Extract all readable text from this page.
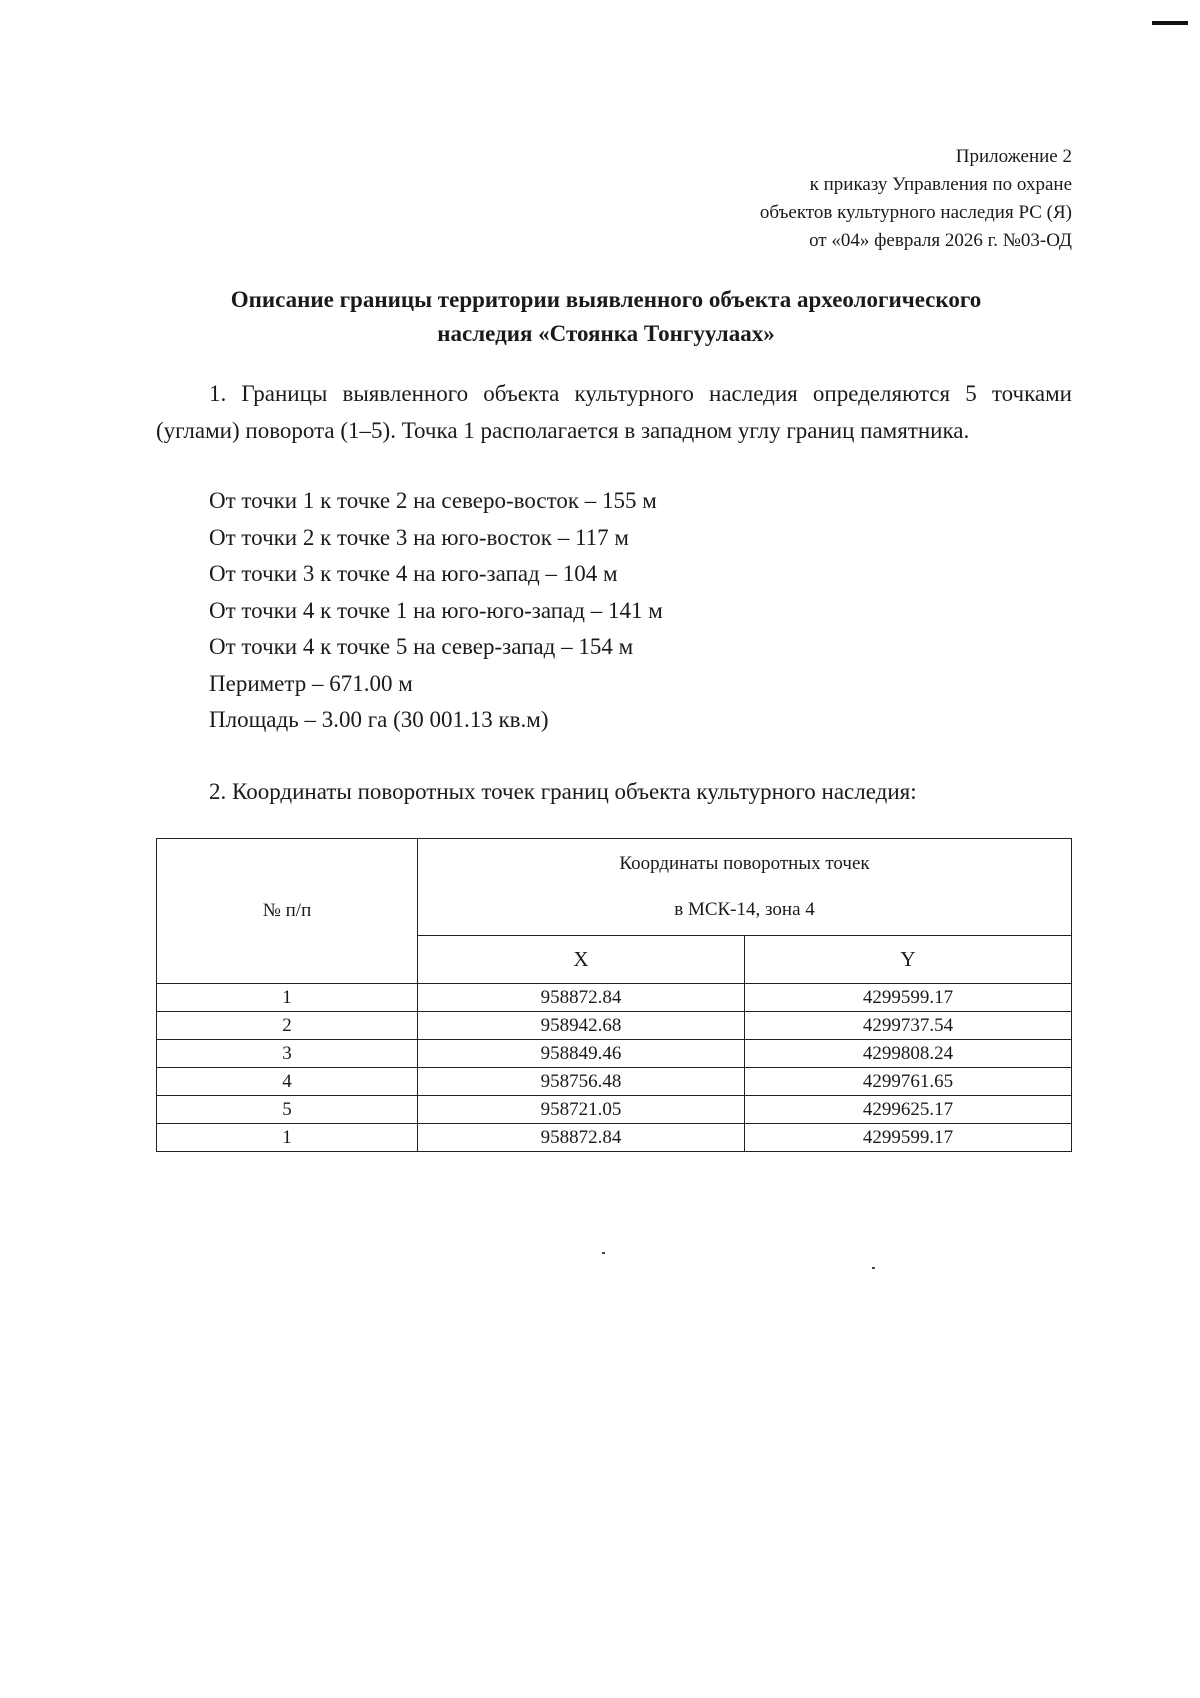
Приложение 2
к приказу Управления по охране
объектов культурного наследия РС (Я)
от «04» февраля 2026 г. №03-ОД
Описание границы территории выявленного объекта археологического
наследия «Стоянка Тонгуулаах»
1. Границы выявленного объекта культурного наследия определяются 5 точками (углами) поворота (1–5). Точка 1 располагается в западном углу границ памятника.
От точки 1 к точке 2 на северо-восток – 155 м
От точки 2 к точке 3 на юго-восток – 117 м
От точки 3 к точке 4 на юго-запад – 104 м
От точки 4 к точке 1 на юго-юго-запад – 141 м
От точки 4 к точке 5 на север-запад – 154 м
Периметр – 671.00 м
Площадь – 3.00 га (30 001.13 кв.м)
2. Координаты поворотных точек границ объекта культурного наследия:
№ п/п	Координаты поворотных точек
в МСК-14, зона 4	

	X	Y
1	958872.84	4299599.17
2	958942.68	4299737.54
3	958849.46	4299808.24
4	958756.48	4299761.65
5	958721.05	4299625.17
1	958872.84	4299599.17
